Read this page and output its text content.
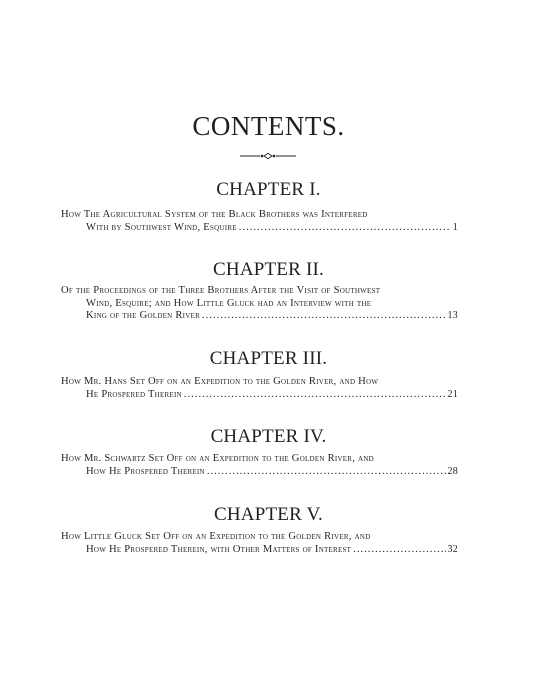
CONTENTS.
CHAPTER I.
How The Agricultural System of the Black Brothers was Interfered
With by Southwest Wind, Esquire .....	1
CHAPTER II.
Of the Proceedings of the Three Brothers After the Visit of Southwest
Wind, Esquire; and How Little Gluck had an Interview with the
King of the Golden River .....	13
CHAPTER III.
How Mr. Hans Set Off on an Expedition to the Golden River, and How
He Prospered Therein .....	21
CHAPTER IV.
How Mr. Schwartz Set Off on an Expedition to the Golden River, and
How He Prospered Therein .....	28
CHAPTER V.
How Little Gluck Set Off on an Expedition to the Golden River, and
How He Prospered Therein, with Other Matters of Interest .....	32
